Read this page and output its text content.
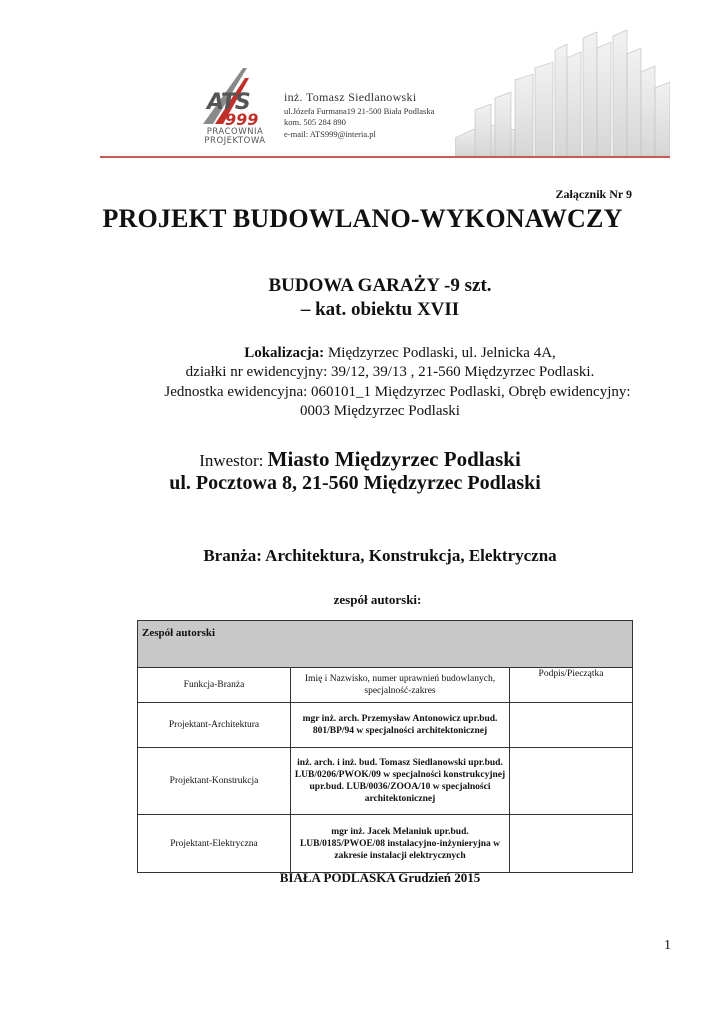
ATS
999
PRACOWNIA
PROJEKTOWA
inż. Tomasz Siedlanowski
ul.Józefa Furmana19 21-500 Biała Podlaska
kom. 505 284 890
e-mail: ATS999@interia.pl
Załącznik Nr 9
PROJEKT BUDOWLANO-WYKONAWCZY
BUDOWA GARAŻY -9 szt.
– kat. obiektu XVII
Lokalizacja: Międzyrzec Podlaski, ul. Jelnicka 4A,
działki nr ewidencyjny: 39/12, 39/13 , 21-560 Międzyrzec Podlaski.
Jednostka ewidencyjna: 060101_1 Międzyrzec Podlaski, Obręb ewidencyjny:
0003 Międzyrzec Podlaski
Inwestor: Miasto Międzyrzec Podlaski
ul. Pocztowa 8, 21-560 Międzyrzec Podlaski
Branża: Architektura, Konstrukcja, Elektryczna
zespół autorski:
Zespół autorski		
Funkcja-Branża	Imię i Nazwisko, numer uprawnień budowlanych, specjalność-zakres	Podpis/Pieczątka
Projektant-Architektura	mgr inż. arch. Przemysław Antonowicz upr.bud. 801/BP/94 w specjalności architektonicznej	
Projektant-Konstrukcja	inż. arch. i inż. bud. Tomasz Siedlanowski upr.bud. LUB/0206/PWOK/09 w specjalności konstrukcyjnej upr.bud. LUB/0036/ZOOA/10 w specjalności architektonicznej	
Projektant-Elektryczna	mgr inż. Jacek Melaniuk upr.bud. LUB/0185/PWOE/08 instalacyjno-inżynieryjna w zakresie instalacji elektrycznych	
BIAŁA PODLASKA Grudzień 2015
1
